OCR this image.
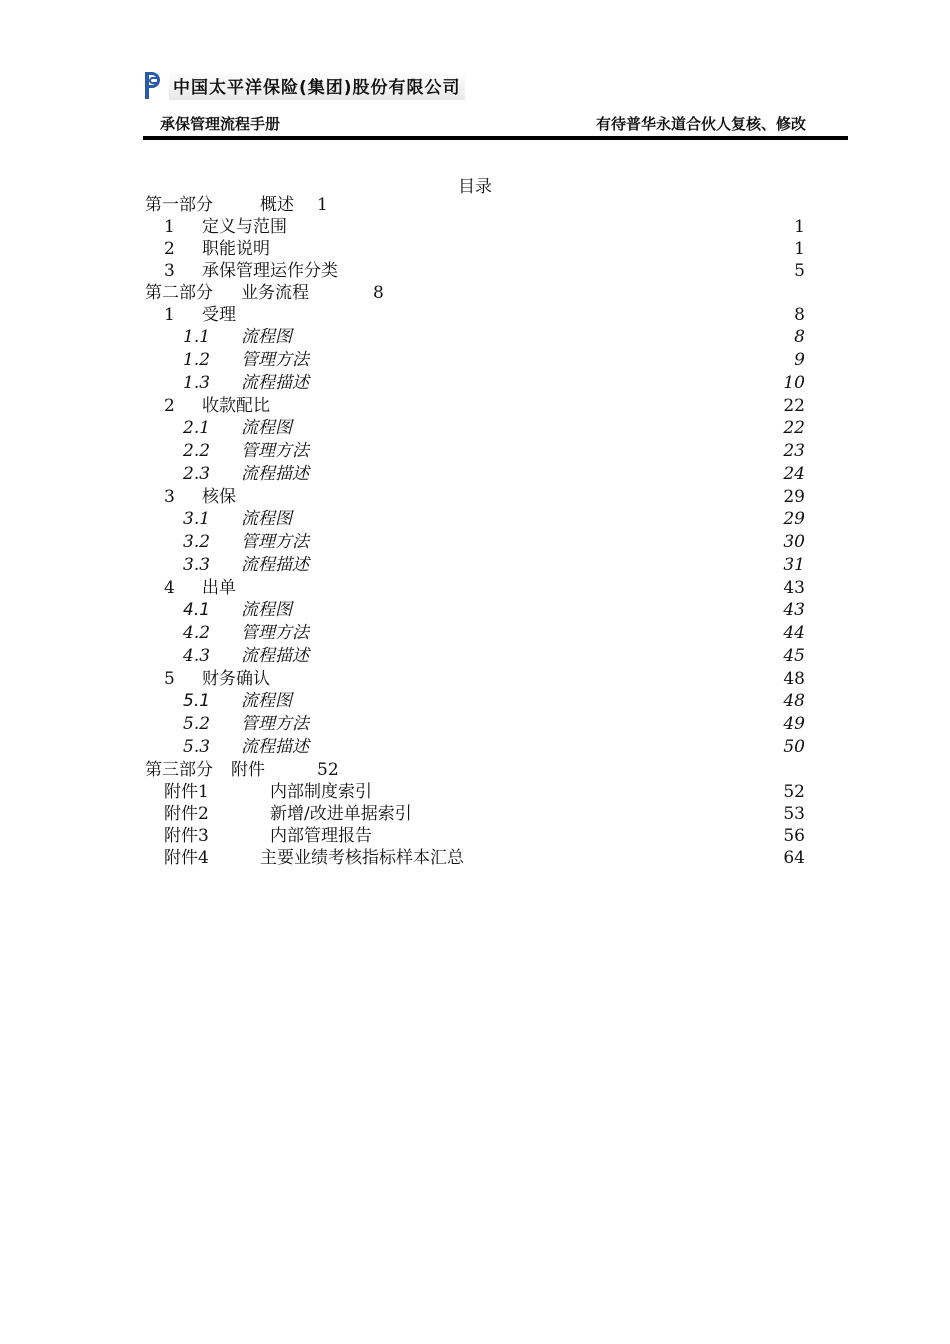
中国太平洋保险(集团)股份有限公司
承保管理流程手册	有待普华永道合伙人复核、修改
目录
第一部分	概述 1
1 定义与范围	1
2 职能说明	1
3 承保管理运作分类	5
第二部分 业务流程	8
1 受理	8
1.1 流程图	8
1.2 管理方法	9
1.3 流程描述	10
2 收款配比	22
2.1 流程图	22
2.2 管理方法	23
2.3 流程描述	24
3 核保	29
3.1 流程图	29
3.2 管理方法	30
3.3 流程描述	31
4 出单	43
4.1 流程图	43
4.2 管理方法	44
4.3 流程描述	45
5 财务确认	48
5.1 流程图	48
5.2 管理方法	49
5.3 流程描述	50
第三部分 附件	52
附件1	内部制度索引	52
附件2	新增/改进单据索引	53
附件3	内部管理报告	56
附件4	主要业绩考核指标样本汇总	64
